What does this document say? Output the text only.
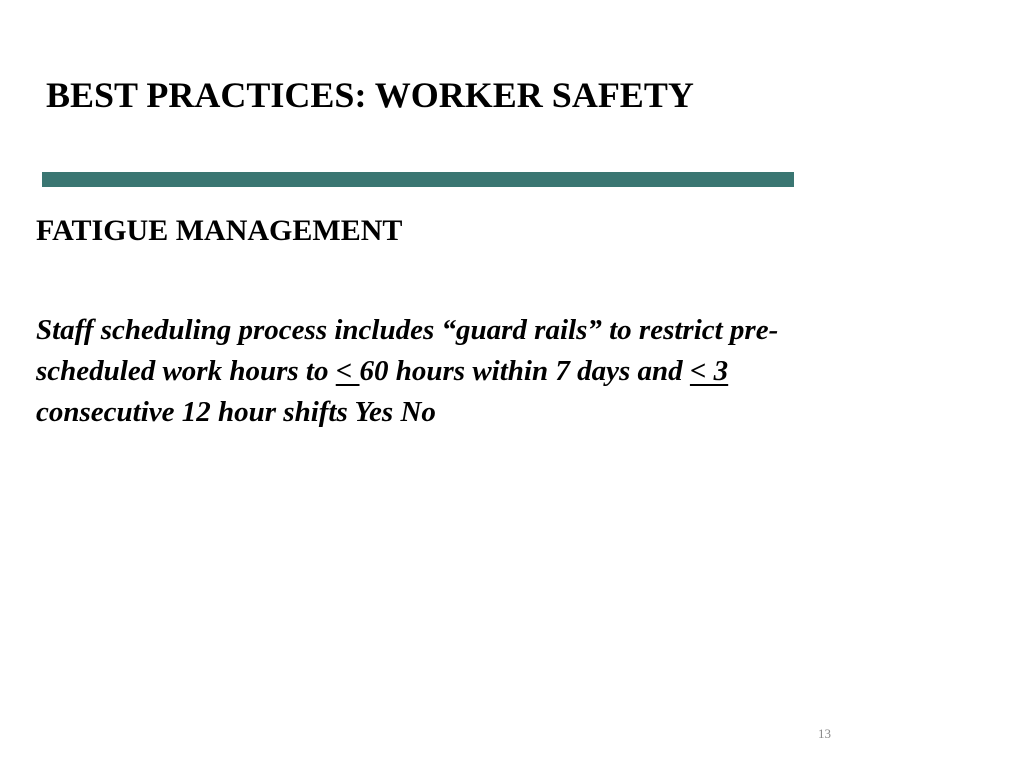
BEST PRACTICES: WORKER SAFETY
FATIGUE MANAGEMENT

Staff scheduling process includes “guard rails” to restrict pre-
scheduled work hours to < 60 hours within 7 days and < 3
consecutive 12 hour shifts Yes No

13
